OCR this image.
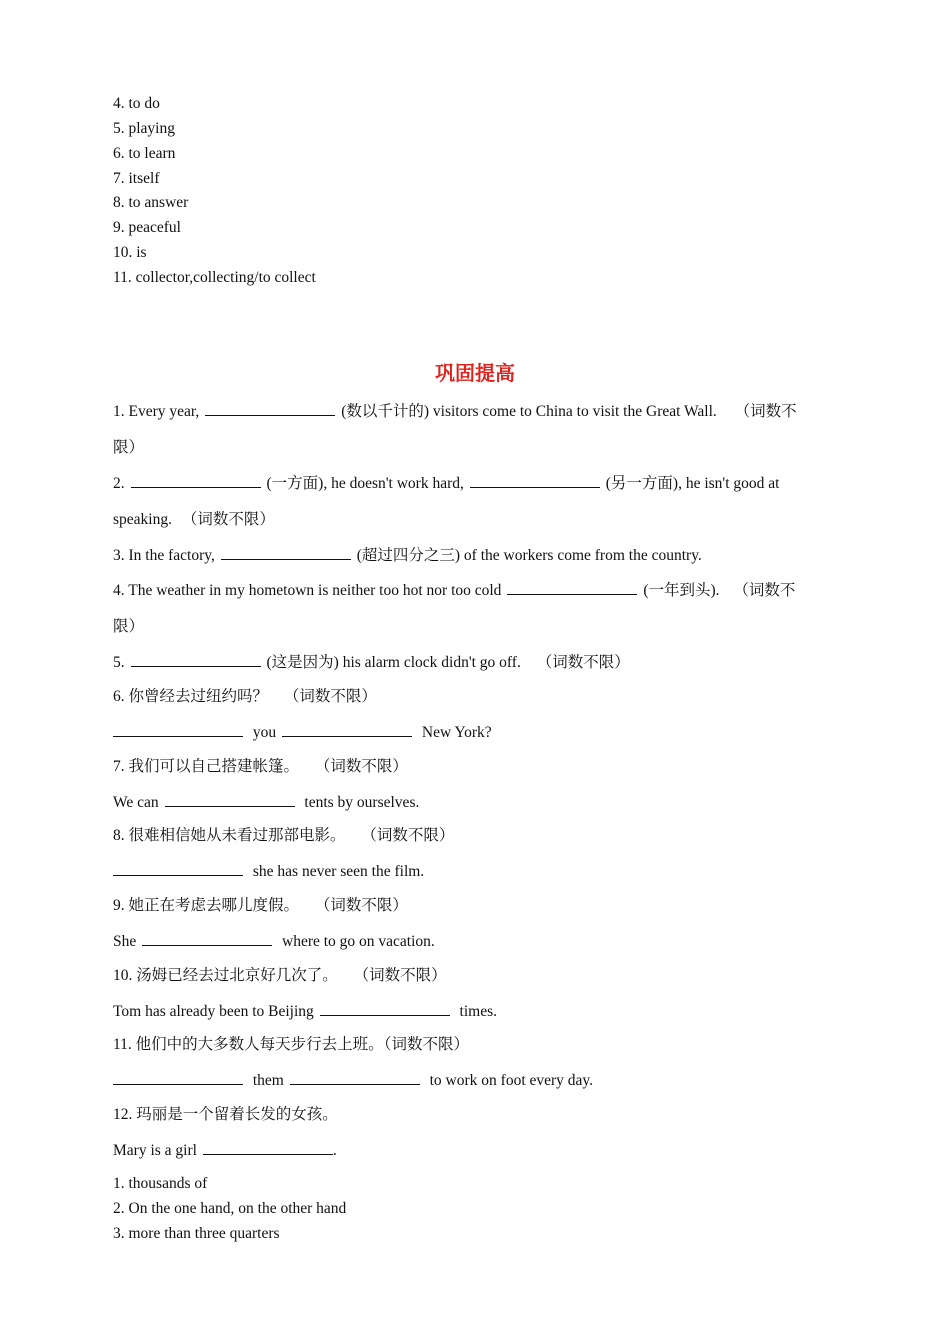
4. to do
5. playing
6. to learn
7. itself
8. to answer
9. peaceful
10. is
11. collector,collecting/to collect
巩固提高
1. Every year,	(数以千计的) visitors come to China to visit the Great Wall. （词数不
限）
2.	(一方面), he doesn't work hard,	(另一方面), he isn't good at
speaking. （词数不限）
3. In the factory,	(超过四分之三) of the workers come from the country.
4. The weather in my hometown is neither too hot nor too cold	(一年到头). （词数不
限）
5.	(这是因为) his alarm clock didn't go off. （词数不限）
6. 你曾经去过纽约吗？ （词数不限）
you	New York?
7. 我们可以自己搭建帐篷。 （词数不限）
We can	tents by ourselves.
8. 很难相信她从未看过那部电影。 （词数不限）
she has never seen the film.
9. 她正在考虑去哪儿度假。 （词数不限）
She	where to go on vacation.
10. 汤姆已经去过北京好几次了。 （词数不限）
Tom has already been to Beijing	times.
11. 他们中的大多数人每天步行去上班。（词数不限）
them	to work on foot every day.
12. 玛丽是一个留着长发的女孩。
Mary is a girl	.
1. thousands of
2. On the one hand, on the other hand
3. more than three quarters
